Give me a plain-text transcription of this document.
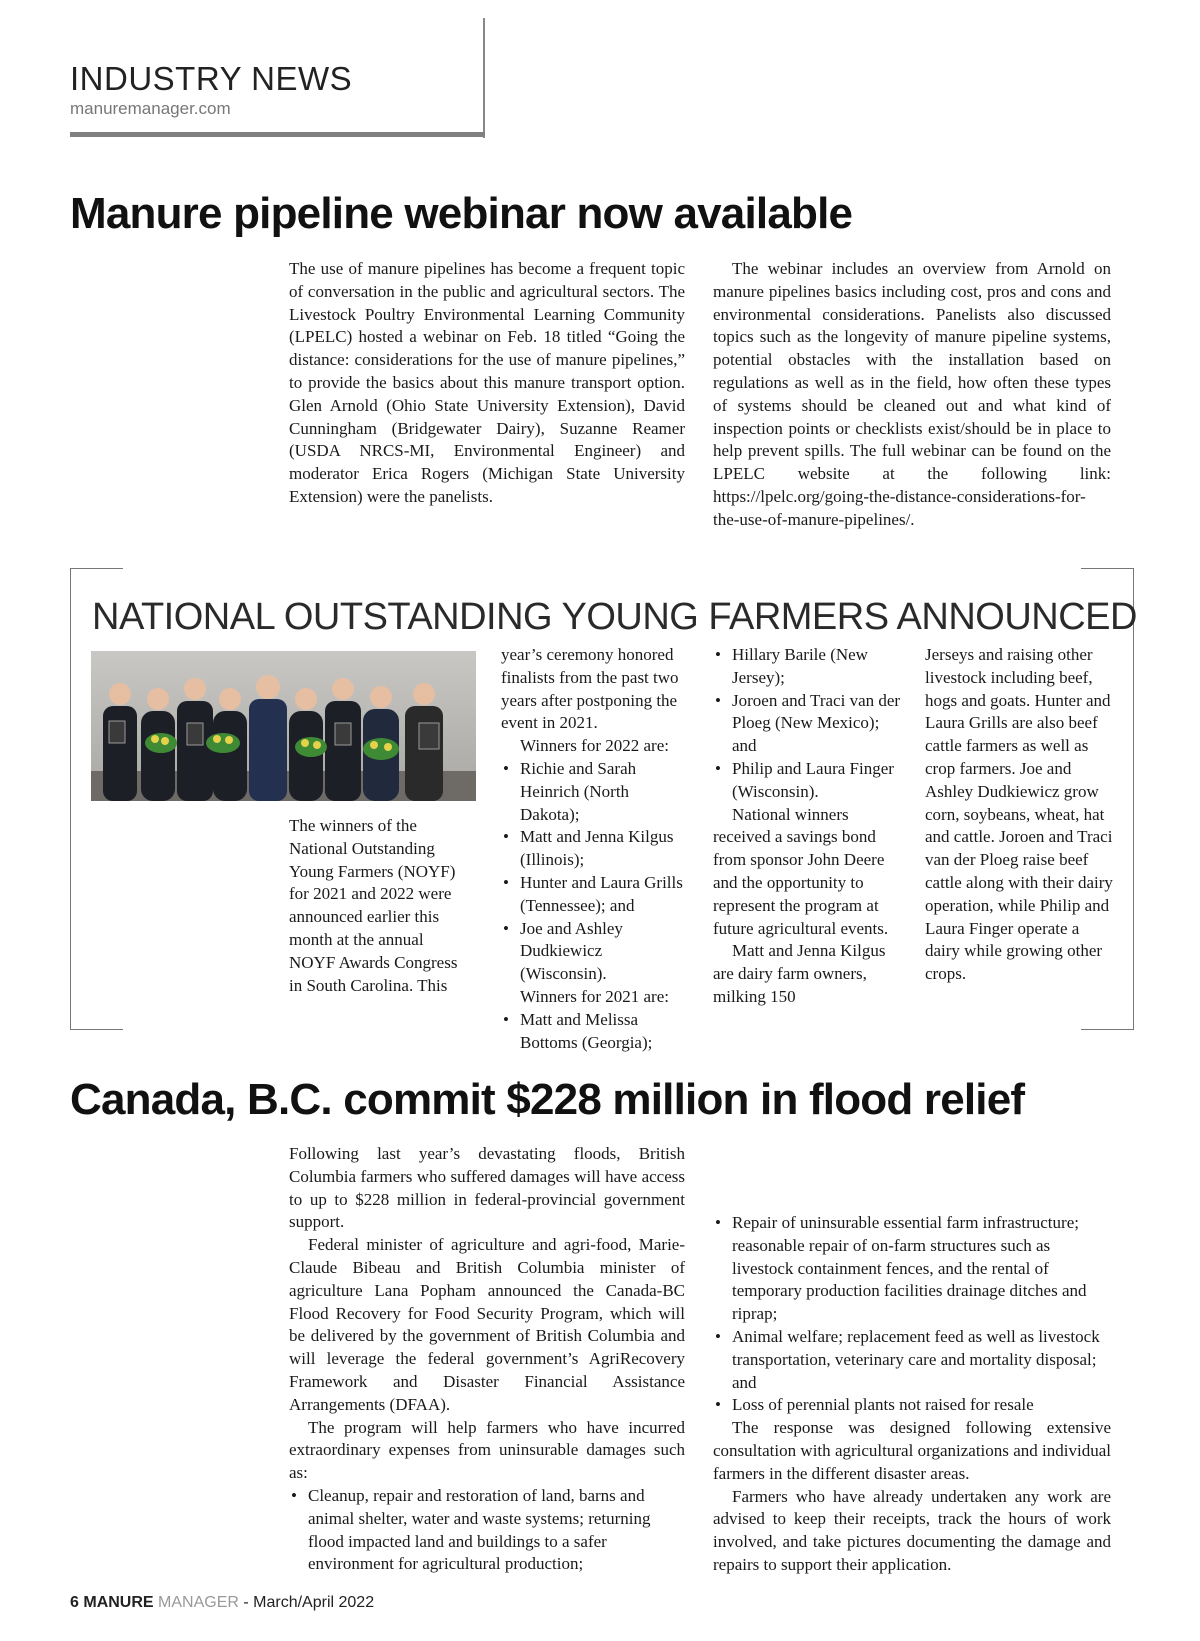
INDUSTRY NEWS
manuremanager.com
Manure pipeline webinar now available

The use of manure pipelines has become a frequent topic of conversation in the public and agricultural sectors. The Livestock Poultry Environmental Learning Community (LPELC) hosted a webinar on Feb. 18 titled “Going the distance: considerations for the use of manure pipelines,” to provide the basics about this manure transport option. Glen Arnold (Ohio State University Extension), David Cunningham (Bridgewater Dairy), Suzanne Reamer (USDA NRCS-MI, Environmental Engineer) and moderator Erica Rogers (Michigan State University Extension) were the panelists.

The webinar includes an overview from Arnold on manure pipelines basics including cost, pros and cons and environmental considerations. Panelists also discussed topics such as the longevity of manure pipeline systems, potential obstacles with the installation based on regulations as well as in the field, how often these types of systems should be cleaned out and what kind of inspection points or checklists exist/should be in place to help prevent spills. The full webinar can be found on the LPELC website at the following link: https://lpelc.org/going-the-distance-considerations-for-the-use-of-manure-pipelines/.

NATIONAL OUTSTANDING YOUNG FARMERS ANNOUNCED

The winners of the National Outstanding Young Farmers (NOYF) for 2021 and 2022 were announced earlier this month at the annual NOYF Awards Congress in South Carolina. This

year’s ceremony honored finalists from the past two years after postponing the event in 2021.

Winners for 2022 are:

• Richie and Sarah Heinrich (North Dakota);
• Matt and Jenna Kilgus (Illinois);
• Hunter and Laura Grills (Tennessee); and
• Joe and Ashley Dudkiewicz (Wisconsin).

Winners for 2021 are:

• Matt and Melissa Bottoms (Georgia);
• Hillary Barile (New Jersey);
• Joroen and Traci van der Ploeg (New Mexico); and
• Philip and Laura Finger (Wisconsin).

National winners received a savings bond from sponsor John Deere and the opportunity to represent the program at future agricultural events.

Matt and Jenna Kilgus are dairy farm owners, milking 150

Jerseys and raising other livestock including beef, hogs and goats. Hunter and Laura Grills are also beef cattle farmers as well as crop farmers. Joe and Ashley Dudkiewicz grow corn, soybeans, wheat, hat and cattle. Joroen and Traci van der Ploeg raise beef cattle along with their dairy operation, while Philip and Laura Finger operate a dairy while growing other crops.

Canada, B.C. commit $228 million in flood relief

Following last year’s devastating floods, British Columbia farmers who suffered damages will have access to up to $228 million in federal-provincial government support.

Federal minister of agriculture and agri-food, Marie-Claude Bibeau and British Columbia minister of agriculture Lana Popham announced the Canada-BC Flood Recovery for Food Security Program, which will be delivered by the government of British Columbia and will leverage the federal government’s AgriRecovery Framework and Disaster Financial Assistance Arrangements (DFAA).

The program will help farmers who have incurred extraordinary expenses from uninsurable damages such as:

• Cleanup, repair and restoration of land, barns and animal shelter, water and waste systems; returning flood impacted land and buildings to a safer environment for agricultural production;
• Repair of uninsurable essential farm infrastructure; reasonable repair of on-farm structures such as livestock containment fences, and the rental of temporary production facilities drainage ditches and riprap;
• Animal welfare; replacement feed as well as livestock transportation, veterinary care and mortality disposal; and
• Loss of perennial plants not raised for resale

The response was designed following extensive consultation with agricultural organizations and individual farmers in the different disaster areas.

Farmers who have already undertaken any work are advised to keep their receipts, track the hours of work involved, and take pictures documenting the damage and repairs to support their application.

6 MANURE MANAGER - March/April 2022
